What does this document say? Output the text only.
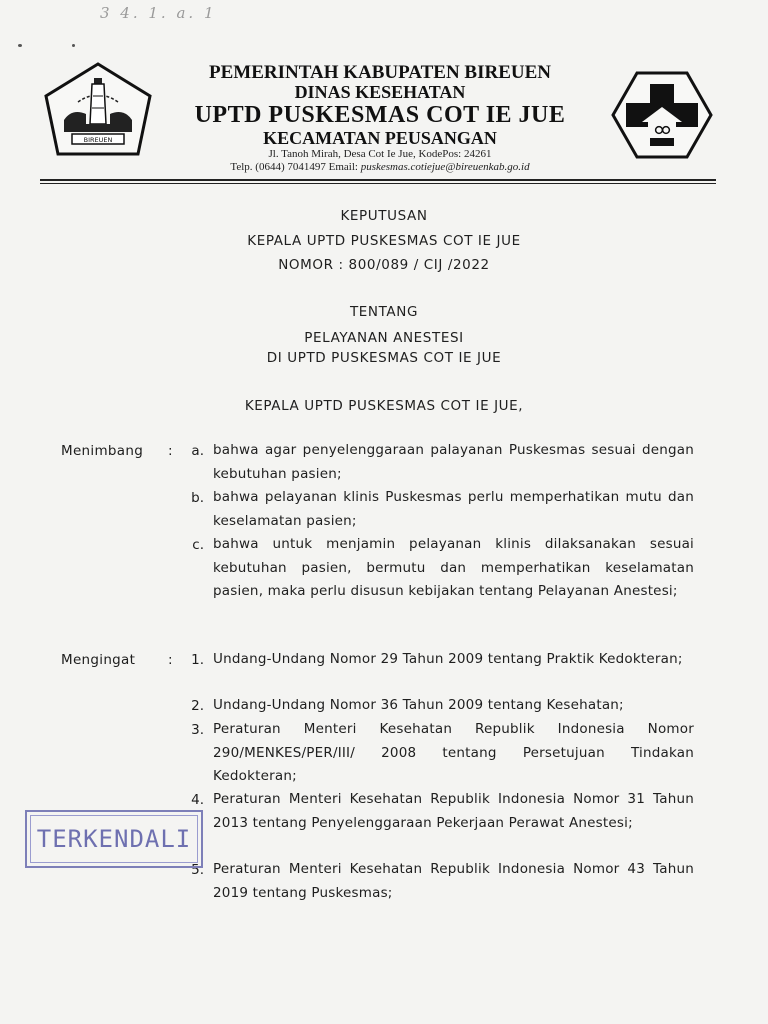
3 4. 1. a. 1
BIREUEN
PEMERINTAH KABUPATEN BIREUEN
DINAS KESEHATAN
UPTD PUSKESMAS COT IE JUE
KECAMATAN PEUSANGAN
Jl. Tanoh Mirah, Desa Cot Ie Jue, KodePos: 24261
Telp. (0644) 7041497 Email: puskesmas.cotiejue@bireuenkab.go.id
KEPUTUSAN
KEPALA UPTD PUSKESMAS COT IE JUE
NOMOR : 800/089 / CIJ /2022
TENTANG
PELAYANAN ANESTESI
DI UPTD PUSKESMAS COT IE JUE
KEPALA UPTD PUSKESMAS COT IE JUE,
Menimbang :	a. bahwa agar penyelenggaraan palayanan Puskesmas sesuai dengan kebutuhan pasien;
b. bahwa pelayanan klinis Puskesmas perlu memperhatikan mutu dan keselamatan pasien;
c. bahwa untuk menjamin pelayanan klinis dilaksanakan sesuai kebutuhan pasien, bermutu dan memperhatikan keselamatan pasien, maka perlu disusun kebijakan tentang Pelayanan Anestesi;
Mengingat :	1. Undang-Undang Nomor 29 Tahun 2009 tentang Praktik Kedokteran;
2. Undang-Undang Nomor 36 Tahun 2009 tentang Kesehatan;
3. Peraturan Menteri Kesehatan Republik Indonesia Nomor 290/MENKES/PER/III/ 2008 tentang Persetujuan Tindakan Kedokteran;
4. Peraturan Menteri Kesehatan Republik Indonesia Nomor 31 Tahun 2013 tentang Penyelenggaraan Pekerjaan Perawat Anestesi;
5. Peraturan Menteri Kesehatan Republik Indonesia Nomor 43 Tahun 2019 tentang Puskesmas;
TERKENDALI
